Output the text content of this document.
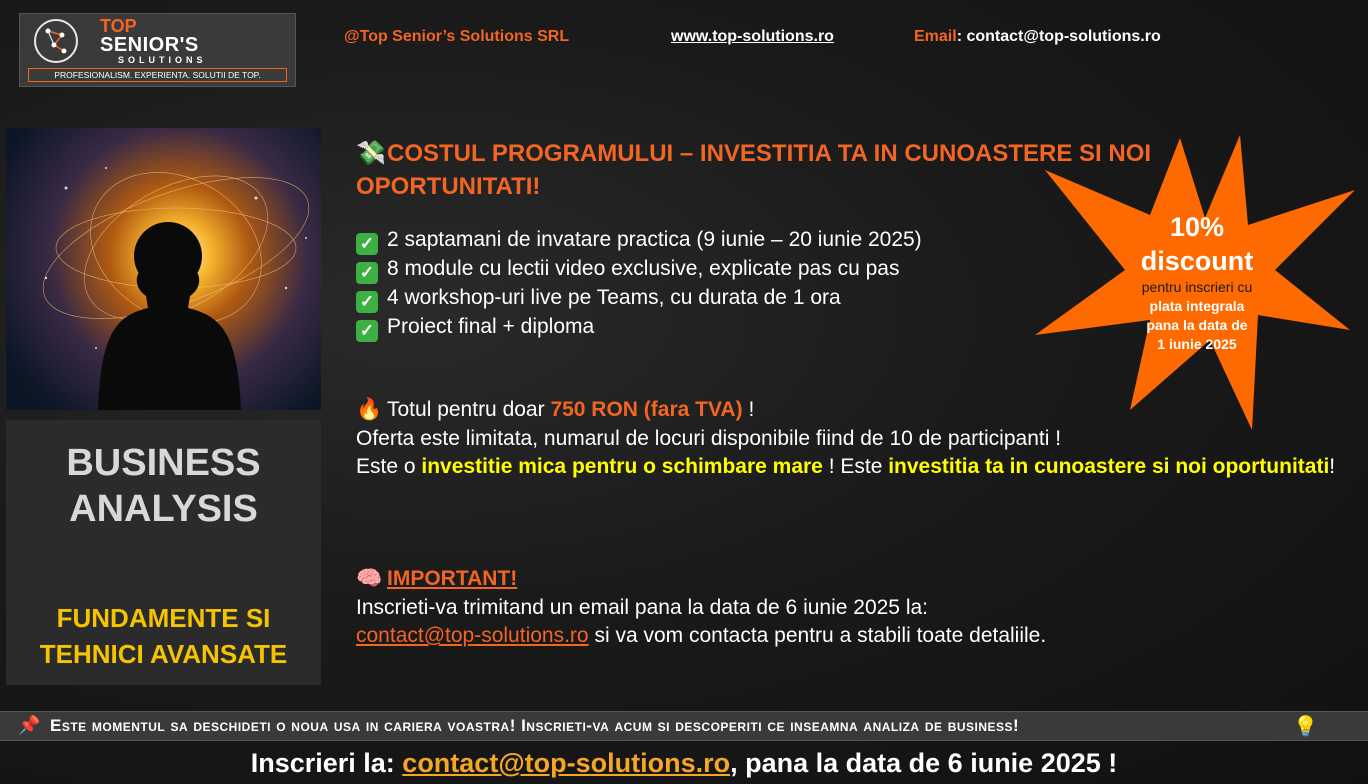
TOP
SENIOR'S
SOLUTIONS
PROFESIONALISM. EXPERIENTA. SOLUTII DE TOP.
@Top Senior’s Solutions SRL	www.top-solutions.ro	Email: contact@top-solutions.ro
BUSINESS
ANALYSIS
FUNDAMENTE SI
TEHNICI AVANSATE
10%
discount
pentru inscrieri cu
plata integrala
pana la data de
1 iunie 2025
💸COSTUL PROGRAMULUI – INVESTITIA TA IN CUNOASTERE SI NOI OPORTUNITATI!
✓ 2 saptamani de invatare practica (9 iunie – 20 iunie 2025)
✓ 8 module cu lectii video exclusive, explicate pas cu pas
✓ 4 workshop-uri live pe Teams, cu durata de 1 ora
✓ Proiect final + diploma
🔥 Totul pentru doar 750 RON (fara TVA) !
Oferta este limitata, numarul de locuri disponibile fiind de 10 de participanti !
Este o investitie mica pentru o schimbare mare ! Este investitia ta in cunoastere si noi oportunitati!
🧠 IMPORTANT!
Inscrieti-va trimitand un email pana la data de 6 iunie 2025 la:
contact@top-solutions.ro si va vom contacta pentru a stabili toate detaliile.
📌 Este momentul sa deschideti o noua usa in cariera voastra! Inscrieti-va acum si descoperiti ce inseamna analiza de business!	💡
Inscrieri la: contact@top-solutions.ro, pana la data de 6 iunie 2025 !
